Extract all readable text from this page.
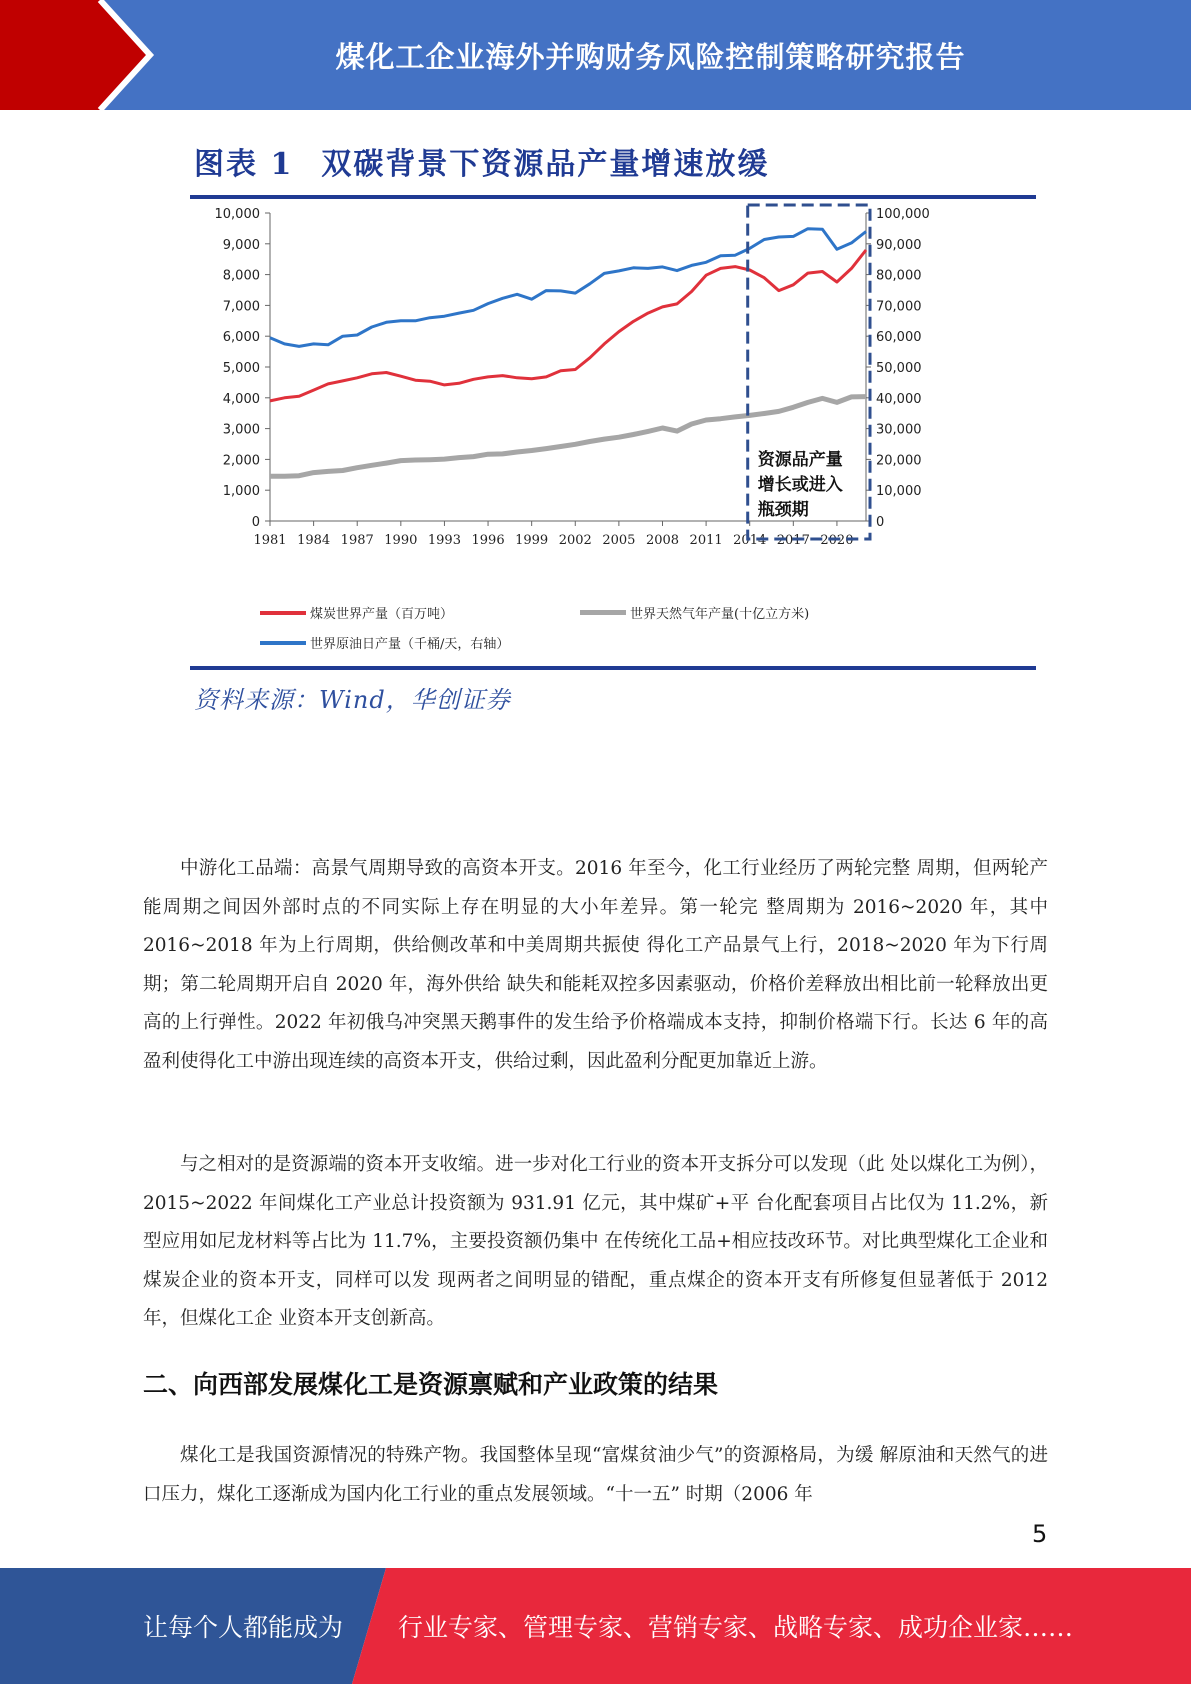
煤化工企业海外并购财务风险控制策略研究报告
图表 1 双碳背景下资源品产量增速放缓
0
1,000
2,000
3,000
4,000
5,000
6,000
7,000
8,000
9,000
10,000
0
10,000
20,000
30,000
40,000
50,000
60,000
70,000
80,000
90,000
100,000
1981 1984 1987 1990 1993 1996 1999 2002 2005 2008 2011 2014 2017 2020
资源品产量
增长或进入
瓶颈期
煤炭世界产量（百万吨）	世界天然气年产量(十亿立方米)
世界原油日产量（千桶/天，右轴）
资料来源：Wind，华创证券

中游化工品端：高景气周期导致的高资本开支。2016 年至今，化工行业经历了两轮完整 周期，但两轮产能周期之间因外部时点的不同实际上存在明显的大小年差异。第一轮完 整周期为 2016~2020 年，其中 2016~2018 年为上行周期，供给侧改革和中美周期共振使 得化工产品景气上行，2018~2020 年为下行周期；第二轮周期开启自 2020 年，海外供给 缺失和能耗双控多因素驱动，价格价差释放出相比前一轮释放出更高的上行弹性。2022 年初俄乌冲突黑天鹅事件的发生给予价格端成本支持，抑制价格端下行。长达 6 年的高 盈利使得化工中游出现连续的高资本开支，供给过剩，因此盈利分配更加靠近上游。

与之相对的是资源端的资本开支收缩。进一步对化工行业的资本开支拆分可以发现（此 处以煤化工为例），2015~2022 年间煤化工产业总计投资额为 931.91 亿元，其中煤矿+平 台化配套项目占比仅为 11.2%，新型应用如尼龙材料等占比为 11.7%，主要投资额仍集中 在传统化工品+相应技改环节。对比典型煤化工企业和煤炭企业的资本开支，同样可以发 现两者之间明显的错配，重点煤企的资本开支有所修复但显著低于 2012 年，但煤化工企 业资本开支创新高。

二、向西部发展煤化工是资源禀赋和产业政策的结果

煤化工是我国资源情况的特殊产物。我国整体呈现“富煤贫油少气”的资源格局，为缓 解原油和天然气的进口压力，煤化工逐渐成为国内化工行业的重点发展领域。“十一五” 时期（2006 年

5
让每个人都能成为 行业专家、管理专家、营销专家、战略专家、成功企业家……
